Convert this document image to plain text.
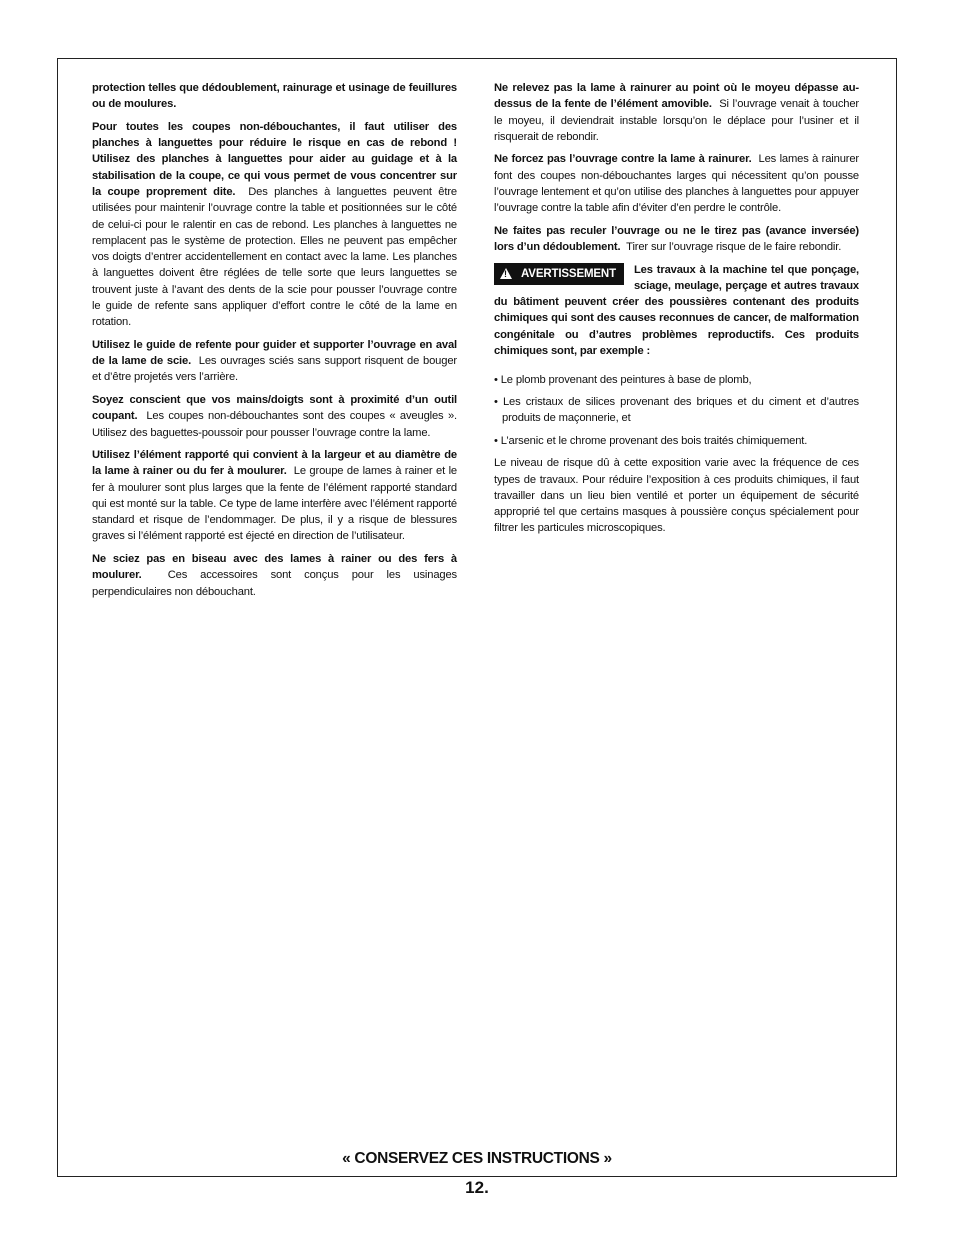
protection telles que dédoublement, rainurage et usinage de feuillures ou de moulures.

Pour toutes les coupes non-débouchantes, il faut utiliser des planches à languettes pour réduire le risque en cas de rebond ! Utilisez des planches à languettes pour aider au guidage et à la stabilisation de la coupe, ce qui vous permet de vous concentrer sur la coupe proprement dite. Des planches à languettes peuvent être utilisées pour maintenir l’ouvrage contre la table et positionnées sur le côté de celui-ci pour le ralentir en cas de rebond. Les planches à languettes ne remplacent pas le système de protection. Elles ne peuvent pas empêcher vos doigts d’entrer accidentellement en contact avec la lame. Les planches à languettes doivent être réglées de telle sorte que leurs languettes se trouvent juste à l’avant des dents de la scie pour pousser l’ouvrage contre le guide de refente sans appliquer d’effort contre le côté de la lame en rotation.

Utilisez le guide de refente pour guider et supporter l’ouvrage en aval de la lame de scie. Les ouvrages sciés sans support risquent de bouger et d’être projetés vers l’arrière.

Soyez conscient que vos mains/doigts sont à proximité d’un outil coupant. Les coupes non-débouchantes sont des coupes « aveugles ». Utilisez des baguettes-poussoir pour pousser l’ouvrage contre la lame.

Utilisez l’élément rapporté qui convient à la largeur et au diamètre de la lame à rainer ou du fer à moulurer. Le groupe de lames à rainer et le fer à moulurer sont plus larges que la fente de l’élément rapporté standard qui est monté sur la table. Ce type de lame interfère avec l’élément rapporté standard et risque de l’endommager. De plus, il y a risque de blessures graves si l’élément rapporté est éjecté en direction de l’utilisateur.

Ne sciez pas en biseau avec des lames à rainer ou des fers à moulurer. Ces accessoires sont conçus pour les usinages perpendiculaires non débouchant.

Ne relevez pas la lame à rainurer au point où le moyeu dépasse au-dessus de la fente de l’élément amovible. Si l’ouvrage venait à toucher le moyeu, il deviendrait instable lorsqu’on le déplace pour l’usiner et il risquerait de rebondir.

Ne forcez pas l’ouvrage contre la lame à rainurer. Les lames à rainurer font des coupes non-débouchantes larges qui nécessitent qu’on pousse l’ouvrage lentement et qu’on utilise des planches à languettes pour appuyer l’ouvrage contre la table afin d’éviter d’en perdre le contrôle.

Ne faites pas reculer l’ouvrage ou ne le tirez pas (avance inversée) lors d’un dédoublement. Tirer sur l’ouvrage risque de le faire rebondir.

!
AVERTISSEMENT Les travaux à la machine tel que ponçage, sciage, meulage, perçage et autres travaux du bâtiment peuvent créer des poussières contenant des produits chimiques qui sont des causes reconnues de cancer, de malformation congénitale ou d’autres problèmes reproductifs. Ces produits chimiques sont, par exemple :

• Le plomb provenant des peintures à base de plomb,

• Les cristaux de silices provenant des briques et du ciment et d’autres produits de maçonnerie, et

• L’arsenic et le chrome provenant des bois traités chimiquement.

Le niveau de risque dû à cette exposition varie avec la fréquence de ces types de travaux. Pour réduire l’exposition à ces produits chimiques, il faut travailler dans un lieu bien ventilé et porter un équipement de sécurité approprié tel que certains masques à poussière conçus spécialement pour filtrer les particules microscopiques.

« CONSERVEZ CES INSTRUCTIONS »
12.
